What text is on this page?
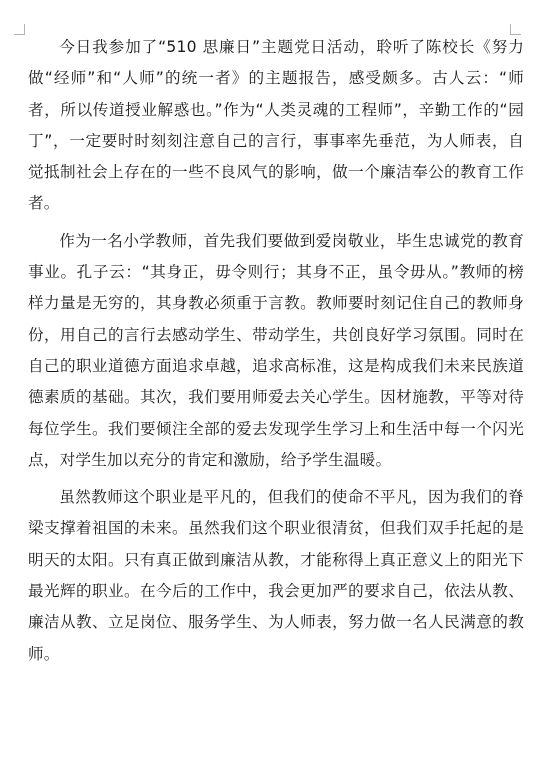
今日我参加了“510 思廉日”主题党日活动，聆听了陈校长《努力做“经师”和“人师”的统一者》的主题报告，感受颇多。古人云：“师者，所以传道授业解惑也。”作为“人类灵魂的工程师”，辛勤工作的“园丁”，一定要时时刻刻注意自己的言行，事事率先垂范，为人师表，自觉抵制社会上存在的一些不良风气的影响，做一个廉洁奉公的教育工作者。

作为一名小学教师，首先我们要做到爱岗敬业，毕生忠诚党的教育事业。孔子云：“其身正，毋令则行；其身不正，虽令毋从。”教师的榜样力量是无穷的，其身教必须重于言教。教师要时刻记住自己的教师身份，用自己的言行去感动学生、带动学生，共创良好学习氛围。同时在自己的职业道德方面追求卓越，追求高标准，这是构成我们未来民族道德素质的基础。其次，我们要用师爱去关心学生。因材施教，平等对待每位学生。我们要倾注全部的爱去发现学生学习上和生活中每一个闪光点，对学生加以充分的肯定和激励，给予学生温暖。

虽然教师这个职业是平凡的，但我们的使命不平凡，因为我们的脊梁支撑着祖国的未来。虽然我们这个职业很清贫，但我们双手托起的是明天的太阳。只有真正做到廉洁从教，才能称得上真正意义上的阳光下最光辉的职业。在今后的工作中，我会更加严的要求自己，依法从教、廉洁从教、立足岗位、服务学生、为人师表，努力做一名人民满意的教师。
